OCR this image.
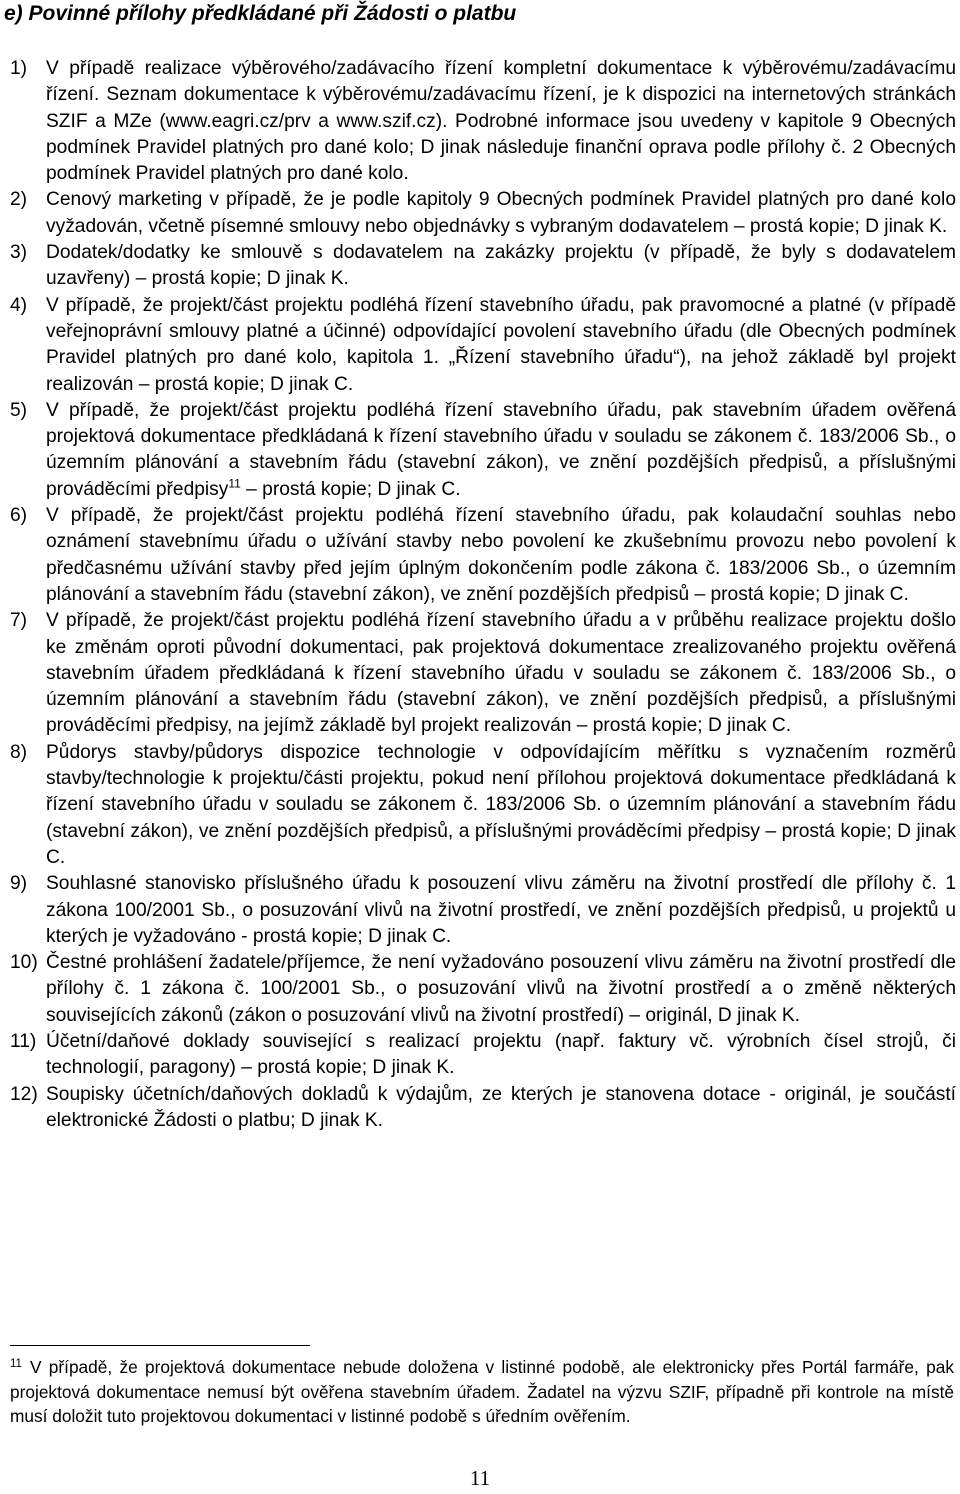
e) Povinné přílohy předkládané při Žádosti o platbu
1) V případě realizace výběrového/zadávacího řízení kompletní dokumentace k výběrovému/zadávacímu řízení. Seznam dokumentace k výběrovému/zadávacímu řízení, je k dispozici na internetových stránkách SZIF a MZe (www.eagri.cz/prv a www.szif.cz). Podrobné informace jsou uvedeny v kapitole 9 Obecných podmínek Pravidel platných pro dané kolo; D jinak následuje finanční oprava podle přílohy č. 2 Obecných podmínek Pravidel platných pro dané kolo.
2) Cenový marketing v případě, že je podle kapitoly 9 Obecných podmínek Pravidel platných pro dané kolo vyžadován, včetně písemné smlouvy nebo objednávky s vybraným dodavatelem – prostá kopie; D jinak K.
3) Dodatek/dodatky ke smlouvě s dodavatelem na zakázky projektu (v případě, že byly s dodavatelem uzavřeny) – prostá kopie; D jinak K.
4) V případě, že projekt/část projektu podléhá řízení stavebního úřadu, pak pravomocné a platné (v případě veřejnoprávní smlouvy platné a účinné) odpovídající povolení stavebního úřadu (dle Obecných podmínek Pravidel platných pro dané kolo, kapitola 1. „Řízení stavebního úřadu“), na jehož základě byl projekt realizován – prostá kopie; D jinak C.
5) V případě, že projekt/část projektu podléhá řízení stavebního úřadu, pak stavebním úřadem ověřená projektová dokumentace předkládaná k řízení stavebního úřadu v souladu se zákonem č. 183/2006 Sb., o územním plánování a stavebním řádu (stavební zákon), ve znění pozdějších předpisů, a příslušnými prováděcími předpisy$^{11}$ – prostá kopie; D jinak C.
6) V případě, že projekt/část projektu podléhá řízení stavebního úřadu, pak kolaudační souhlas nebo oznámení stavebnímu úřadu o užívání stavby nebo povolení ke zkušebnímu provozu nebo povolení k předčasnému užívání stavby před jejím úplným dokončením podle zákona č. 183/2006 Sb., o územním plánování a stavebním řádu (stavební zákon), ve znění pozdějších předpisů – prostá kopie; D jinak C.
7) V případě, že projekt/část projektu podléhá řízení stavebního úřadu a v průběhu realizace projektu došlo ke změnám oproti původní dokumentaci, pak projektová dokumentace zrealizovaného projektu ověřená stavebním úřadem předkládaná k řízení stavebního úřadu v souladu se zákonem č. 183/2006 Sb., o územním plánování a stavebním řádu (stavební zákon), ve znění pozdějších předpisů, a příslušnými prováděcími předpisy, na jejímž základě byl projekt realizován – prostá kopie; D jinak C.
8) Půdorys stavby/půdorys dispozice technologie v odpovídajícím měřítku s vyznačením rozměrů stavby/technologie k projektu/části projektu, pokud není přílohou projektová dokumentace předkládaná k řízení stavebního úřadu v souladu se zákonem č. 183/2006 Sb. o územním plánování a stavebním řádu (stavební zákon), ve znění pozdějších předpisů, a příslušnými prováděcími předpisy – prostá kopie; D jinak C.
9) Souhlasné stanovisko příslušného úřadu k posouzení vlivu záměru na životní prostředí dle přílohy č. 1 zákona 100/2001 Sb., o posuzování vlivů na životní prostředí, ve znění pozdějších předpisů, u projektů u kterých je vyžadováno - prostá kopie; D jinak C.
10) Čestné prohlášení žadatele/příjemce, že není vyžadováno posouzení vlivu záměru na životní prostředí dle přílohy č. 1 zákona č. 100/2001 Sb., o posuzování vlivů na životní prostředí a o změně některých souvisejících zákonů (zákon o posuzování vlivů na životní prostředí) – originál, D jinak K.
11) Účetní/daňové doklady související s realizací projektu (např. faktury vč. výrobních čísel strojů, či technologií, paragony) – prostá kopie; D jinak K.
12) Soupisky účetních/daňových dokladů k výdajům, ze kterých je stanovena dotace - originál, je součástí elektronické Žádosti o platbu; D jinak K.

$^{11}$ V případě, že projektová dokumentace nebude doložena v listinné podobě, ale elektronicky přes Portál farmáře, pak projektová dokumentace nemusí být ověřena stavebním úřadem. Žadatel na výzvu SZIF, případně při kontrole na místě musí doložit tuto projektovou dokumentaci v listinné podobě s úředním ověřením.

11
